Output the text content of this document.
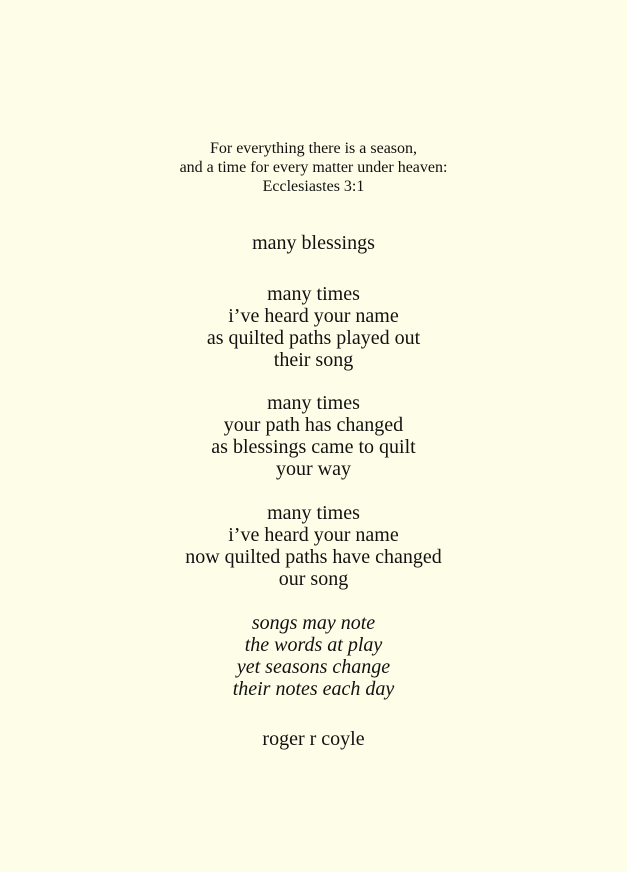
For everything there is a season,
and a time for every matter under heaven:
Ecclesiastes 3:1
many blessings
many times
i’ve heard your name
as quilted paths played out
their song
many times
your path has changed
as blessings came to quilt
your way
many times
i’ve heard your name
now quilted paths have changed
our song
songs may note
the words at play
yet seasons change
their notes each day
roger r coyle
